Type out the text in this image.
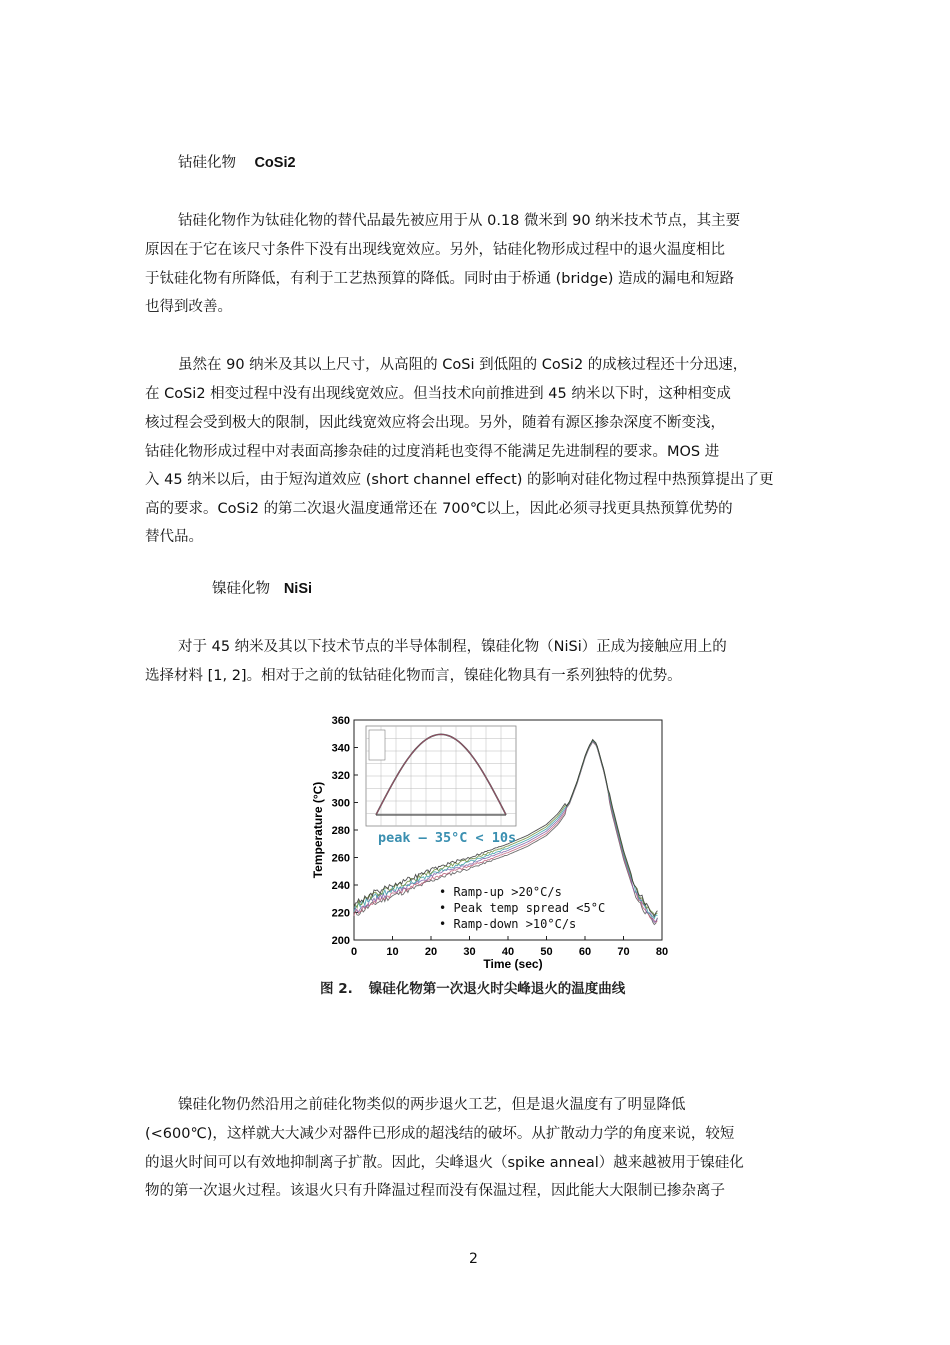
钴硅化物 CoSi2
钴硅化物作为钛硅化物的替代品最先被应用于从 0.18 微米到 90 纳米技术节点，其主要
原因在于它在该尺寸条件下没有出现线宽效应。另外，钴硅化物形成过程中的退火温度相比
于钛硅化物有所降低，有利于工艺热预算的降低。同时由于桥通 (bridge) 造成的漏电和短路
也得到改善。
虽然在 90 纳米及其以上尺寸，从高阻的 CoSi 到低阻的 CoSi2 的成核过程还十分迅速，
在 CoSi2 相变过程中没有出现线宽效应。但当技术向前推进到 45 纳米以下时，这种相变成
核过程会受到极大的限制，因此线宽效应将会出现。另外，随着有源区掺杂深度不断变浅，
钴硅化物形成过程中对表面高掺杂硅的过度消耗也变得不能满足先进制程的要求。MOS 进
入 45 纳米以后，由于短沟道效应 (short channel effect) 的影响对硅化物过程中热预算提出了更
高的要求。CoSi2 的第二次退火温度通常还在 700℃以上，因此必须寻找更具热预算优势的
替代品。
镍硅化物 NiSi
对于 45 纳米及其以下技术节点的半导体制程，镍硅化物（NiSi）正成为接触应用上的
选择材料 [1, 2]。相对于之前的钛钴硅化物而言，镍硅化物具有一系列独特的优势。
0	10 20 30 40 50 60 70 80
200
220
240
260
280
300
320
340
360
peak – 35°C < 10s
• Ramp-up >20°C/s
• Peak temp spread <5°C
• Ramp-down >10°C/s
Time (sec)
Temperature (°C)
图 2. 镍硅化物第一次退火时尖峰退火的温度曲线
镍硅化物仍然沿用之前硅化物类似的两步退火工艺，但是退火温度有了明显降低
(<600℃)，这样就大大减少对器件已形成的超浅结的破坏。从扩散动力学的角度来说，较短
的退火时间可以有效地抑制离子扩散。因此，尖峰退火（spike anneal）越来越被用于镍硅化
物的第一次退火过程。该退火只有升降温过程而没有保温过程，因此能大大限制已掺杂离子
2
